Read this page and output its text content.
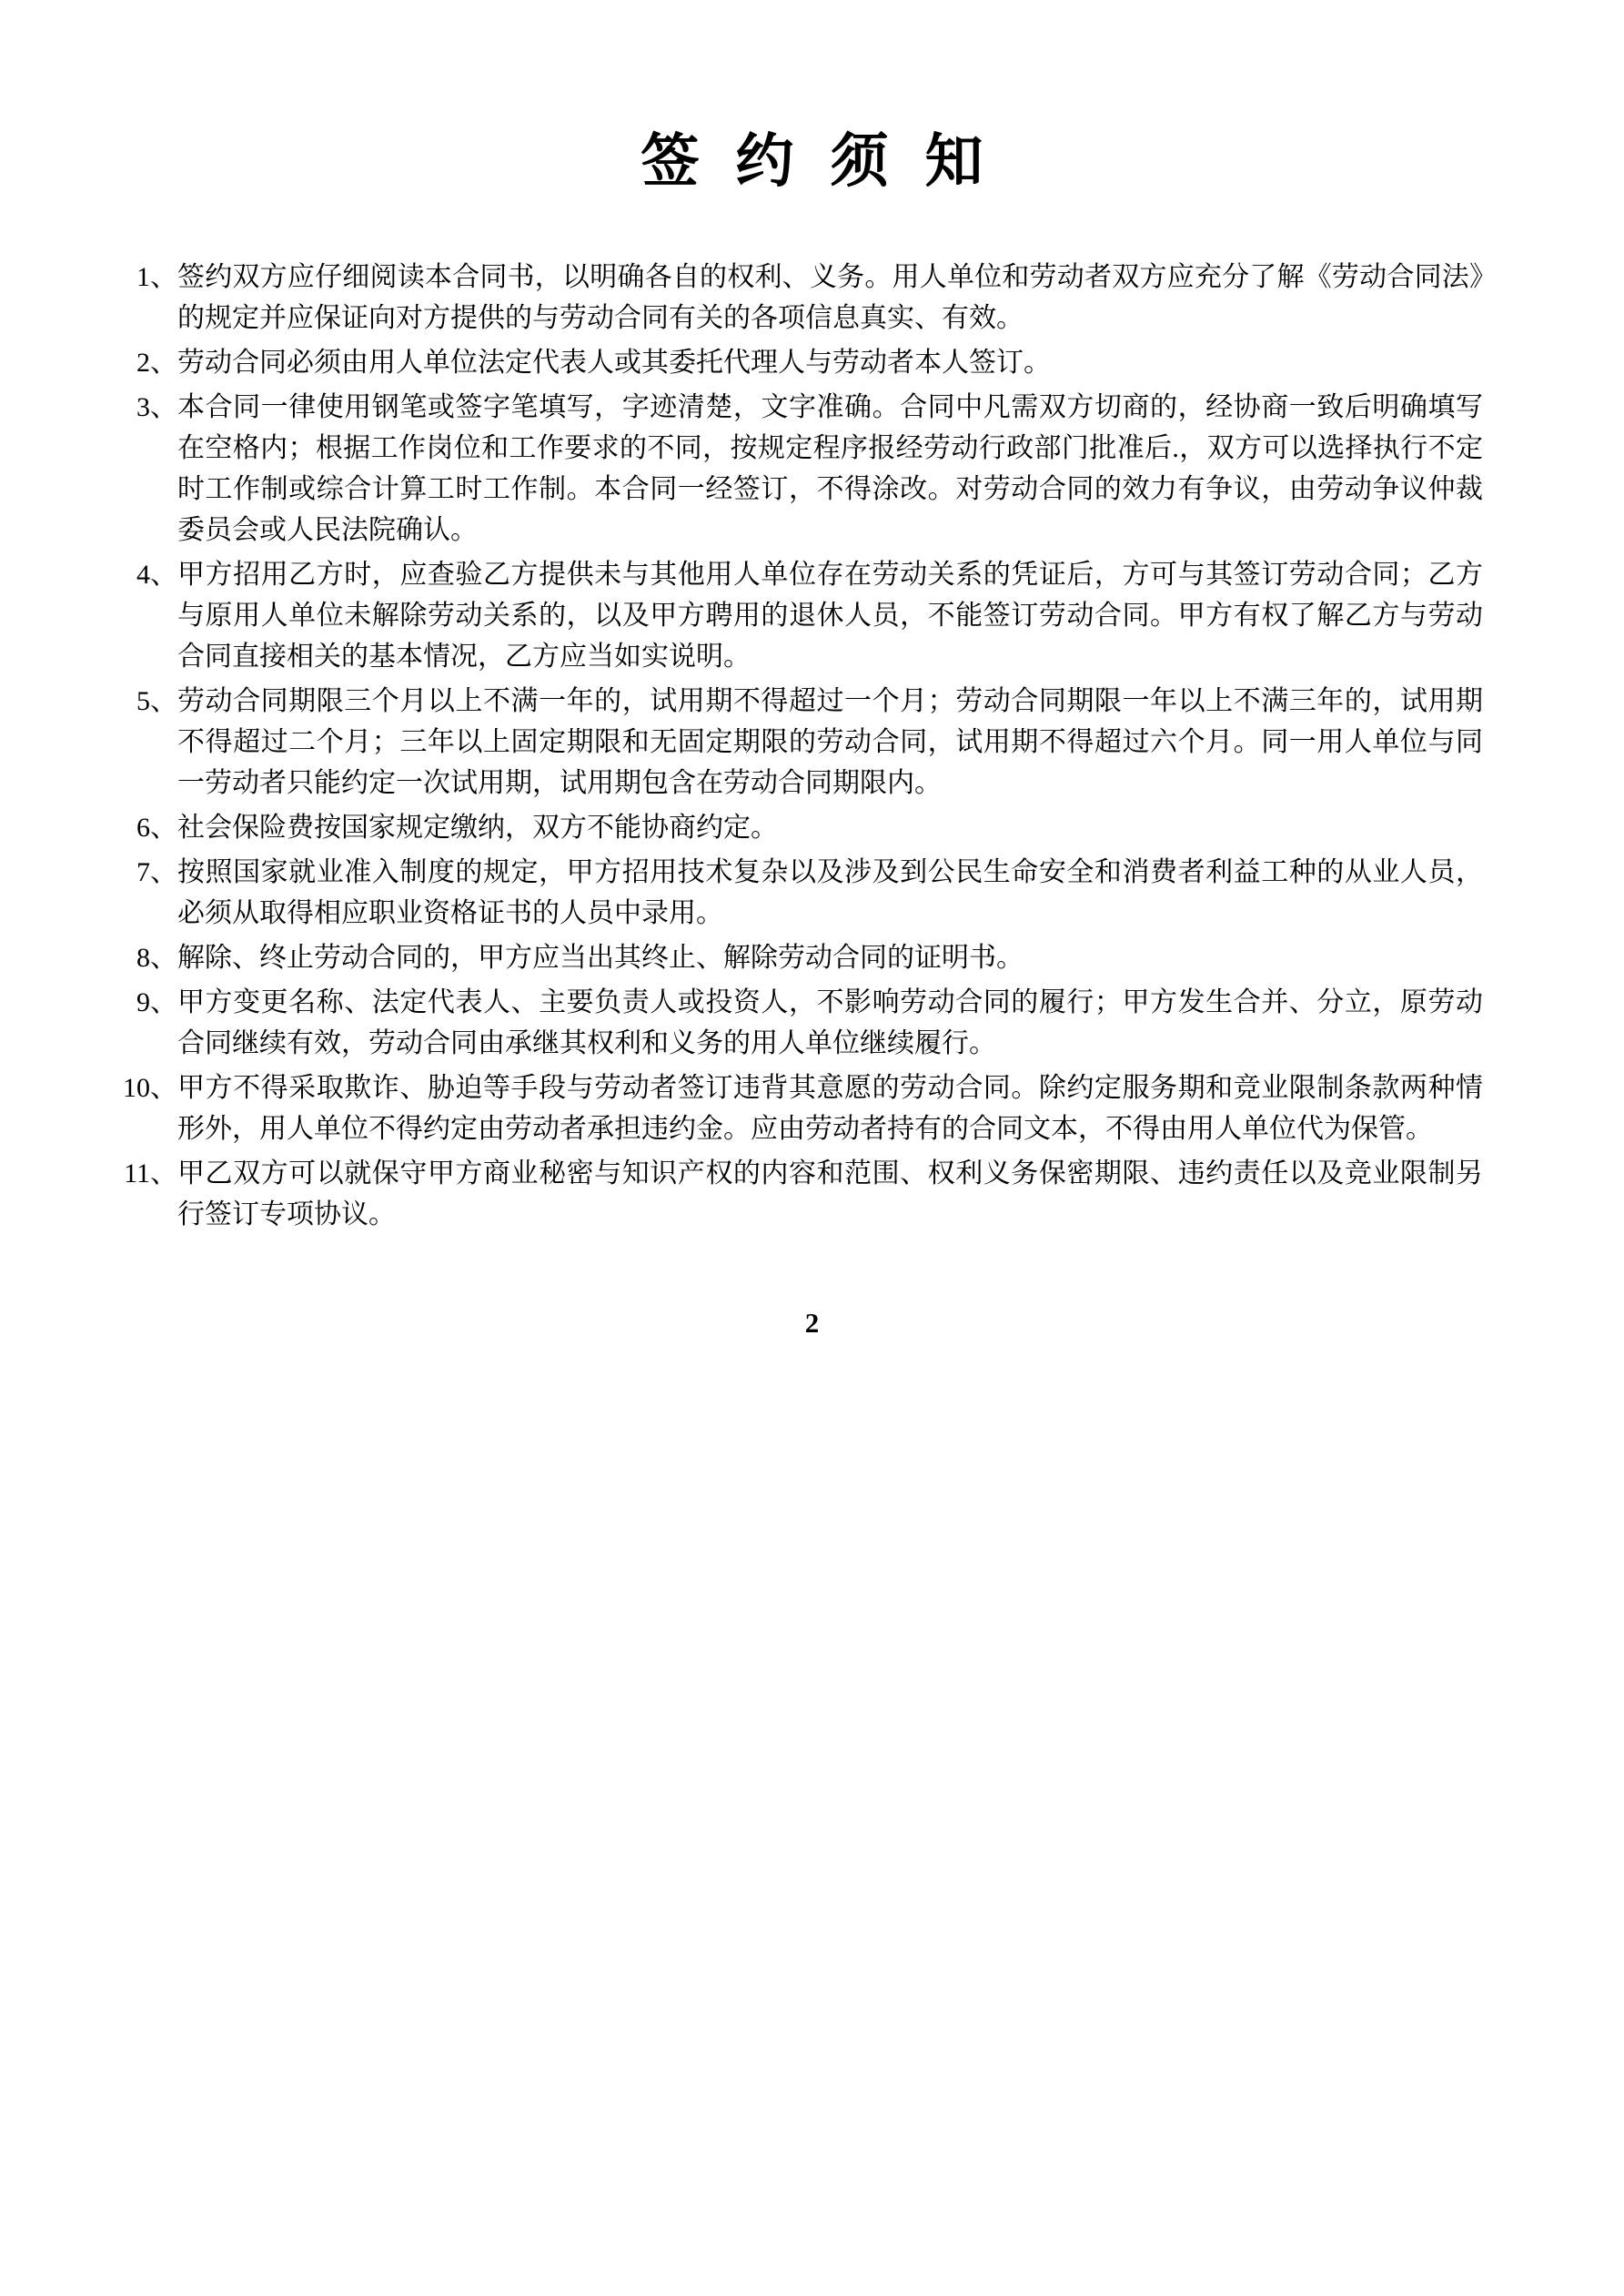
签 约 须 知
1、 签约双方应仔细阅读本合同书，以明确各自的权利、义务。用人单位和劳动者双方应充分了解《劳动合同法》的规定并应保证向对方提供的与劳动合同有关的各项信息真实、有效。
2、 劳动合同必须由用人单位法定代表人或其委托代理人与劳动者本人签订。
3、 本合同一律使用钢笔或签字笔填写，字迹清楚，文字准确。合同中凡需双方切商的，经协商一致后明确填写在空格内；根据工作岗位和工作要求的不同，按规定程序报经劳动行政部门批准后.，双方可以选择执行不定时工作制或综合计算工时工作制。本合同一经签订，不得涂改。对劳动合同的效力有争议，由劳动争议仲裁委员会或人民法院确认。
4、 甲方招用乙方时，应查验乙方提供未与其他用人单位存在劳动关系的凭证后，方可与其签订劳动合同；乙方与原用人单位未解除劳动关系的，以及甲方聘用的退休人员，不能签订劳动合同。甲方有权了解乙方与劳动合同直接相关的基本情况，乙方应当如实说明。
5、 劳动合同期限三个月以上不满一年的，试用期不得超过一个月；劳动合同期限一年以上不满三年的，试用期不得超过二个月；三年以上固定期限和无固定期限的劳动合同，试用期不得超过六个月。同一用人单位与同一劳动者只能约定一次试用期，试用期包含在劳动合同期限内。
6、 社会保险费按国家规定缴纳，双方不能协商约定。
7、 按照国家就业准入制度的规定，甲方招用技术复杂以及涉及到公民生命安全和消费者利益工种的从业人员，必须从取得相应职业资格证书的人员中录用。
8、 解除、终止劳动合同的，甲方应当出其终止、解除劳动合同的证明书。
9、 甲方变更名称、法定代表人、主要负责人或投资人，不影响劳动合同的履行；甲方发生合并、分立，原劳动合同继续有效，劳动合同由承继其权利和义务的用人单位继续履行。
10、 甲方不得采取欺诈、胁迫等手段与劳动者签订违背其意愿的劳动合同。除约定服务期和竞业限制条款两种情形外，用人单位不得约定由劳动者承担违约金。应由劳动者持有的合同文本，不得由用人单位代为保管。
11、 甲乙双方可以就保守甲方商业秘密与知识产权的内容和范围、权利义务保密期限、违约责任以及竞业限制另行签订专项协议。
2
